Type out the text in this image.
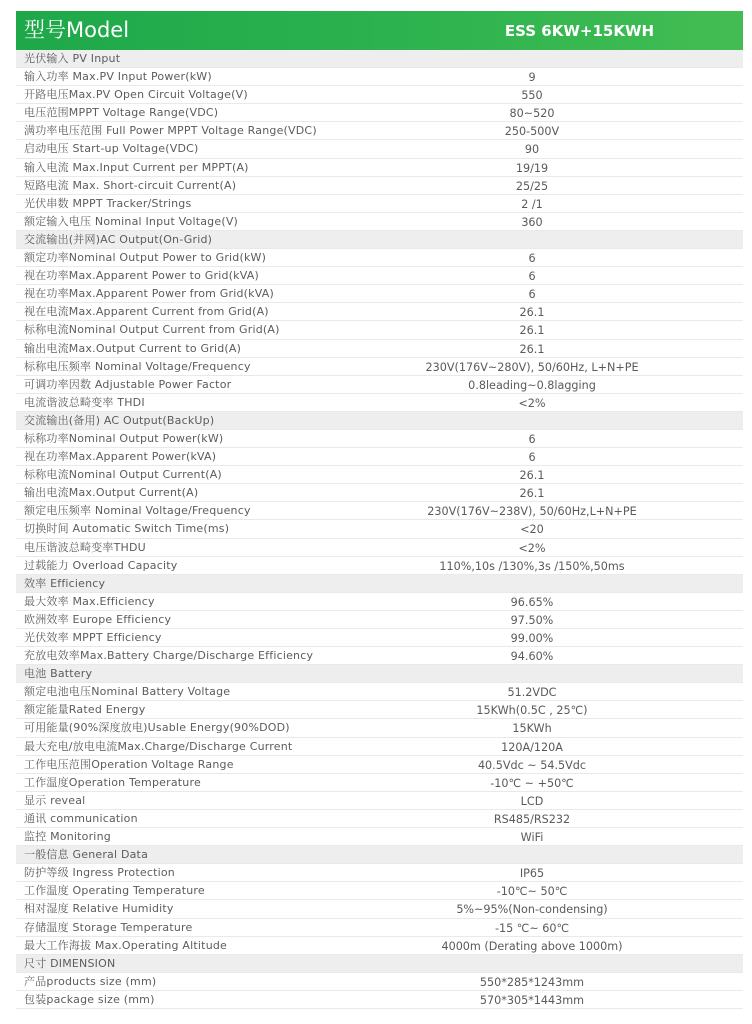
型号Model	ESS 6KW+15KWH
光伏输入 PV Input
输入功率 Max.PV Input Power(kW)	9
开路电压Max.PV Open Circuit Voltage(V)	550
电压范围MPPT Voltage Range(VDC)	80~520
满功率电压范围 Full Power MPPT Voltage Range(VDC)	250-500V
启动电压 Start-up Voltage(VDC)	90
输入电流 Max.Input Current per MPPT(A)	19/19
短路电流 Max. Short-circuit Current(A)	25/25
光伏串数 MPPT Tracker/Strings	2 /1
额定输入电压 Nominal Input Voltage(V)	360
交流输出(并网)AC Output(On-Grid)
额定功率Nominal Output Power to Grid(kW)	6
视在功率Max.Apparent Power to Grid(kVA)	6
视在功率Max.Apparent Power from Grid(kVA)	6
视在电流Max.Apparent Current from Grid(A)	26.1
标称电流Nominal Output Current from Grid(A)	26.1
输出电流Max.Output Current to Grid(A)	26.1
标称电压频率 Nominal Voltage/Frequency	230V(176V~280V), 50/60Hz, L+N+PE
可调功率因数 Adjustable Power Factor	0.8leading~0.8lagging
电流谐波总畸变率 THDI	<2%
交流输出(备用) AC Output(BackUp)
标称功率Nominal Output Power(kW)	6
视在功率Max.Apparent Power(kVA)	6
标称电流Nominal Output Current(A)	26.1
输出电流Max.Output Current(A)	26.1
额定电压频率 Nominal Voltage/Frequency	230V(176V~238V), 50/60Hz,L+N+PE
切换时间 Automatic Switch Time(ms)	<20
电压谐波总畸变率THDU	<2%
过载能力 Overload Capacity	110%,10s /130%,3s /150%,50ms
效率 Efficiency
最大效率 Max.Efficiency	96.65%
欧洲效率 Europe Efficiency	97.50%
光伏效率 MPPT Efficiency	99.00%
充放电效率Max.Battery Charge/Discharge Efficiency	94.60%
电池 Battery
额定电池电压Nominal Battery Voltage	51.2VDC
额定能量Rated Energy	15KWh(0.5C , 25℃)
可用能量(90%深度放电)Usable Energy(90%DOD)	15KWh
最大充电/放电电流Max.Charge/Discharge Current	120A/120A
工作电压范围Operation Voltage Range	40.5Vdc ~ 54.5Vdc
工作温度Operation Temperature	-10℃ ~ +50℃
显示 reveal	LCD
通讯 communication	RS485/RS232
监控 Monitoring	WiFi
一般信息 General Data
防护等级 Ingress Protection	IP65
工作温度 Operating Temperature	-10℃~ 50℃
相对湿度 Relative Humidity	5%~95%(Non-condensing)
存储温度 Storage Temperature	-15 ℃~ 60℃
最大工作海拔 Max.Operating Altitude	4000m (Derating above 1000m)
尺寸 DIMENSION
产品products size (mm)	550*285*1243mm
包装package size (mm)	570*305*1443mm
